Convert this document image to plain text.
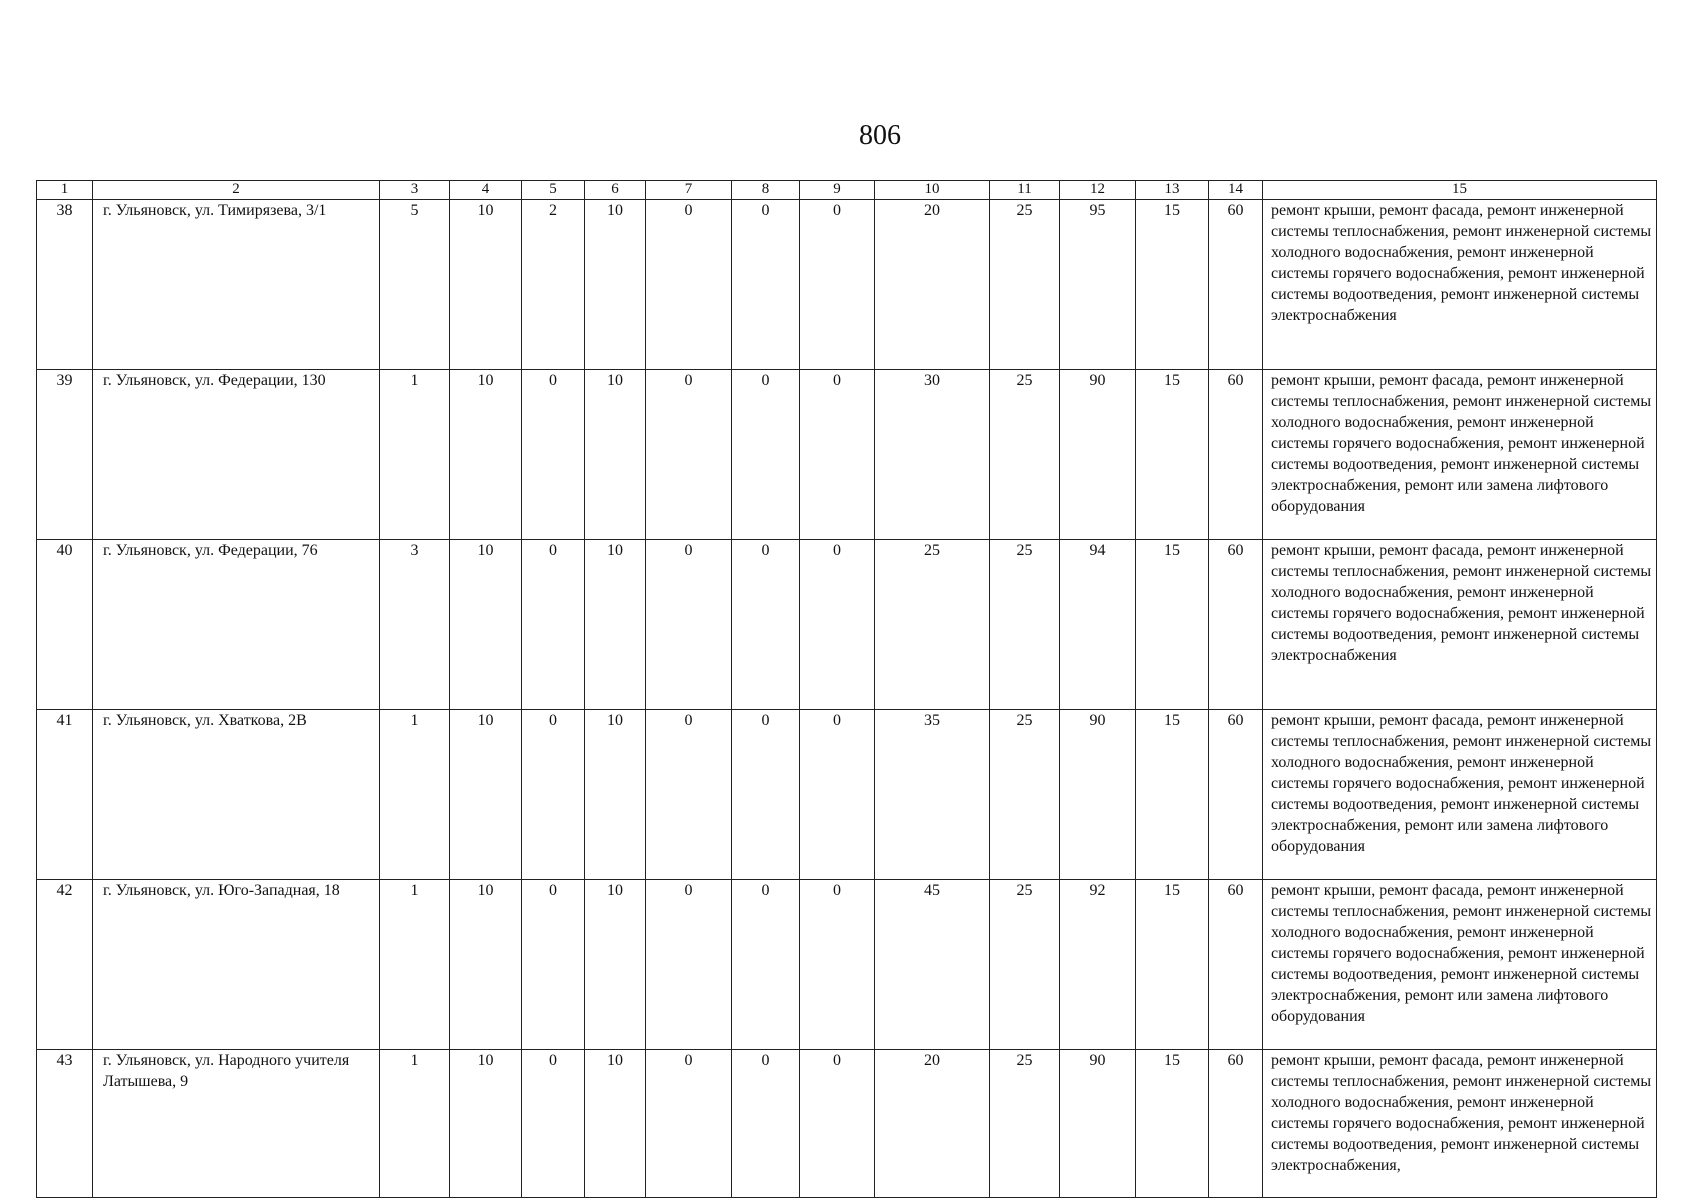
806
1	2	3	4	5	6	7	8	9	10	11	12	13	14	15
38	г. Ульяновск, ул. Тимирязева, 3/1	5	10	2	10	0	0	0	20	25	95	15	60	ремонт крыши, ремонт фасада, ремонт инженерной системы теплоснабжения, ремонт инженерной системы холодного водоснабжения, ремонт инженерной системы горячего водоснабжения, ремонт инженерной системы водоотведения, ремонт инженерной системы электроснабжения
39	г. Ульяновск, ул. Федерации, 130	1	10	0	10	0	0	0	30	25	90	15	60	ремонт крыши, ремонт фасада, ремонт инженерной системы теплоснабжения, ремонт инженерной системы холодного водоснабжения, ремонт инженерной системы горячего водоснабжения, ремонт инженерной системы водоотведения, ремонт инженерной системы электроснабжения, ремонт или замена лифтового оборудования
40	г. Ульяновск, ул. Федерации, 76	3	10	0	10	0	0	0	25	25	94	15	60	ремонт крыши, ремонт фасада, ремонт инженерной системы теплоснабжения, ремонт инженерной системы холодного водоснабжения, ремонт инженерной системы горячего водоснабжения, ремонт инженерной системы водоотведения, ремонт инженерной системы электроснабжения
41	г. Ульяновск, ул. Хваткова, 2В	1	10	0	10	0	0	0	35	25	90	15	60	ремонт крыши, ремонт фасада, ремонт инженерной системы теплоснабжения, ремонт инженерной системы холодного водоснабжения, ремонт инженерной системы горячего водоснабжения, ремонт инженерной системы водоотведения, ремонт инженерной системы электроснабжения, ремонт или замена лифтового оборудования
42	г. Ульяновск, ул. Юго-Западная, 18	1	10	0	10	0	0	0	45	25	92	15	60	ремонт крыши, ремонт фасада, ремонт инженерной системы теплоснабжения, ремонт инженерной системы холодного водоснабжения, ремонт инженерной системы горячего водоснабжения, ремонт инженерной системы водоотведения, ремонт инженерной системы электроснабжения, ремонт или замена лифтового оборудования
43	г. Ульяновск, ул. Народного учителя Латышева, 9	1	10	0	10	0	0	0	20	25	90	15	60	ремонт крыши, ремонт фасада, ремонт инженерной системы теплоснабжения, ремонт инженерной системы холодного водоснабжения, ремонт инженерной системы горячего водоснабжения, ремонт инженерной системы водоотведения, ремонт инженерной системы электроснабжения,
